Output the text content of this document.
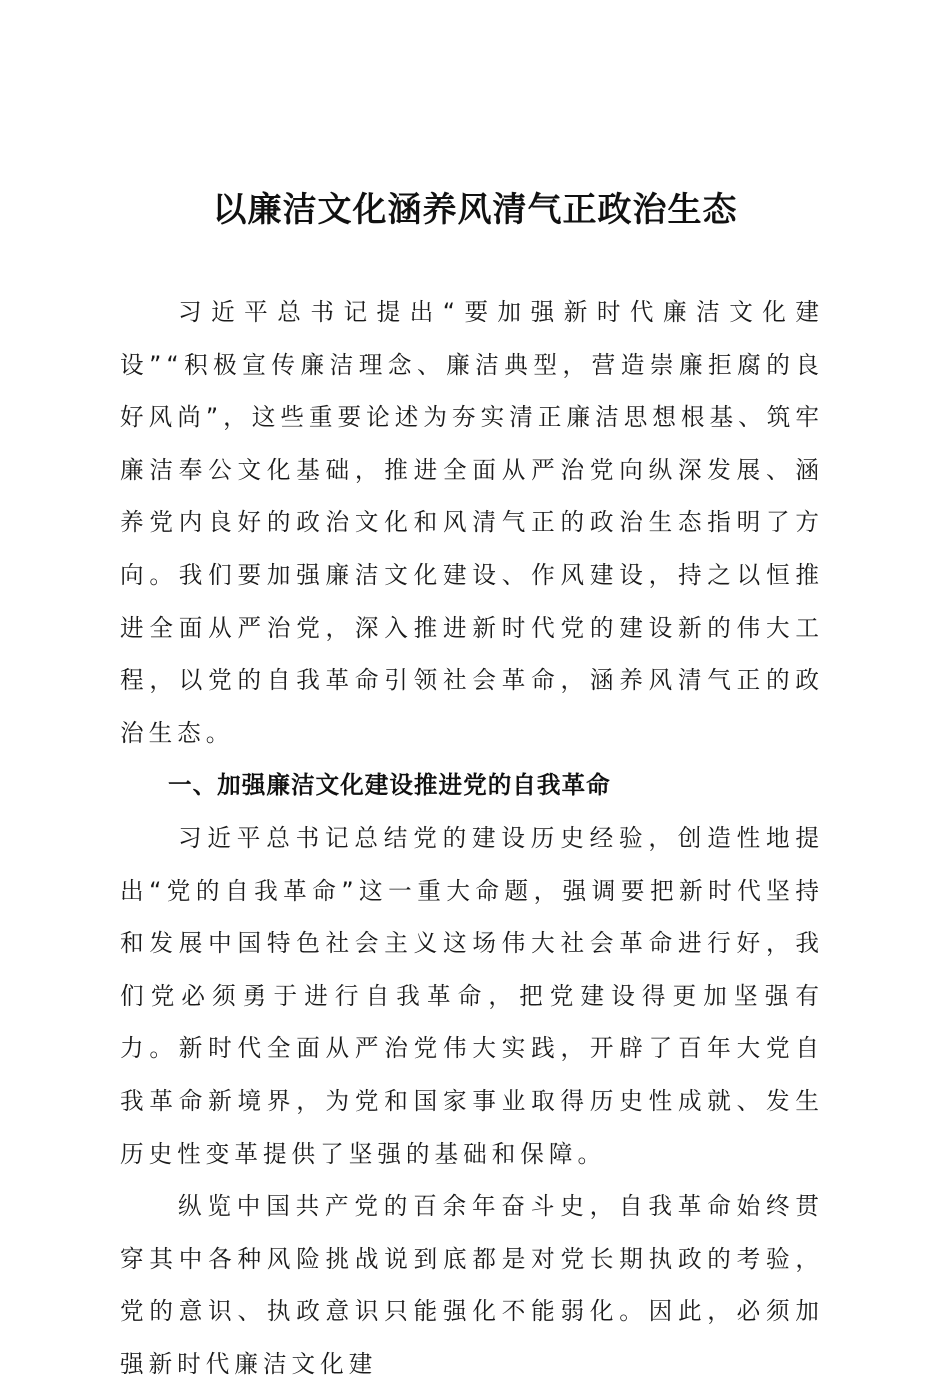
以廉洁文化涵养风清气正政治生态

习近平总书记提出“要加强新时代廉洁文化建设”“积极宣传廉洁理念、廉洁典型，营造崇廉拒腐的良好风尚”，这些重要论述为夯实清正廉洁思想根基、筑牢廉洁奉公文化基础，推进全面从严治党向纵深发展、涵养党内良好的政治文化和风清气正的政治生态指明了方向。我们要加强廉洁文化建设、作风建设，持之以恒推进全面从严治党，深入推进新时代党的建设新的伟大工程，以党的自我革命引领社会革命，涵养风清气正的政治生态。

一、加强廉洁文化建设推进党的自我革命

习近平总书记总结党的建设历史经验，创造性地提出“党的自我革命”这一重大命题，强调要把新时代坚持和发展中国特色社会主义这场伟大社会革命进行好，我们党必须勇于进行自我革命，把党建设得更加坚强有力。新时代全面从严治党伟大实践，开辟了百年大党自我革命新境界，为党和国家事业取得历史性成就、发生历史性变革提供了坚强的基础和保障。

纵览中国共产党的百余年奋斗史，自我革命始终贯穿其中各种风险挑战说到底都是对党长期执政的考验，党的意识、执政意识只能强化不能弱化。因此，必须加强新时代廉洁文化建
